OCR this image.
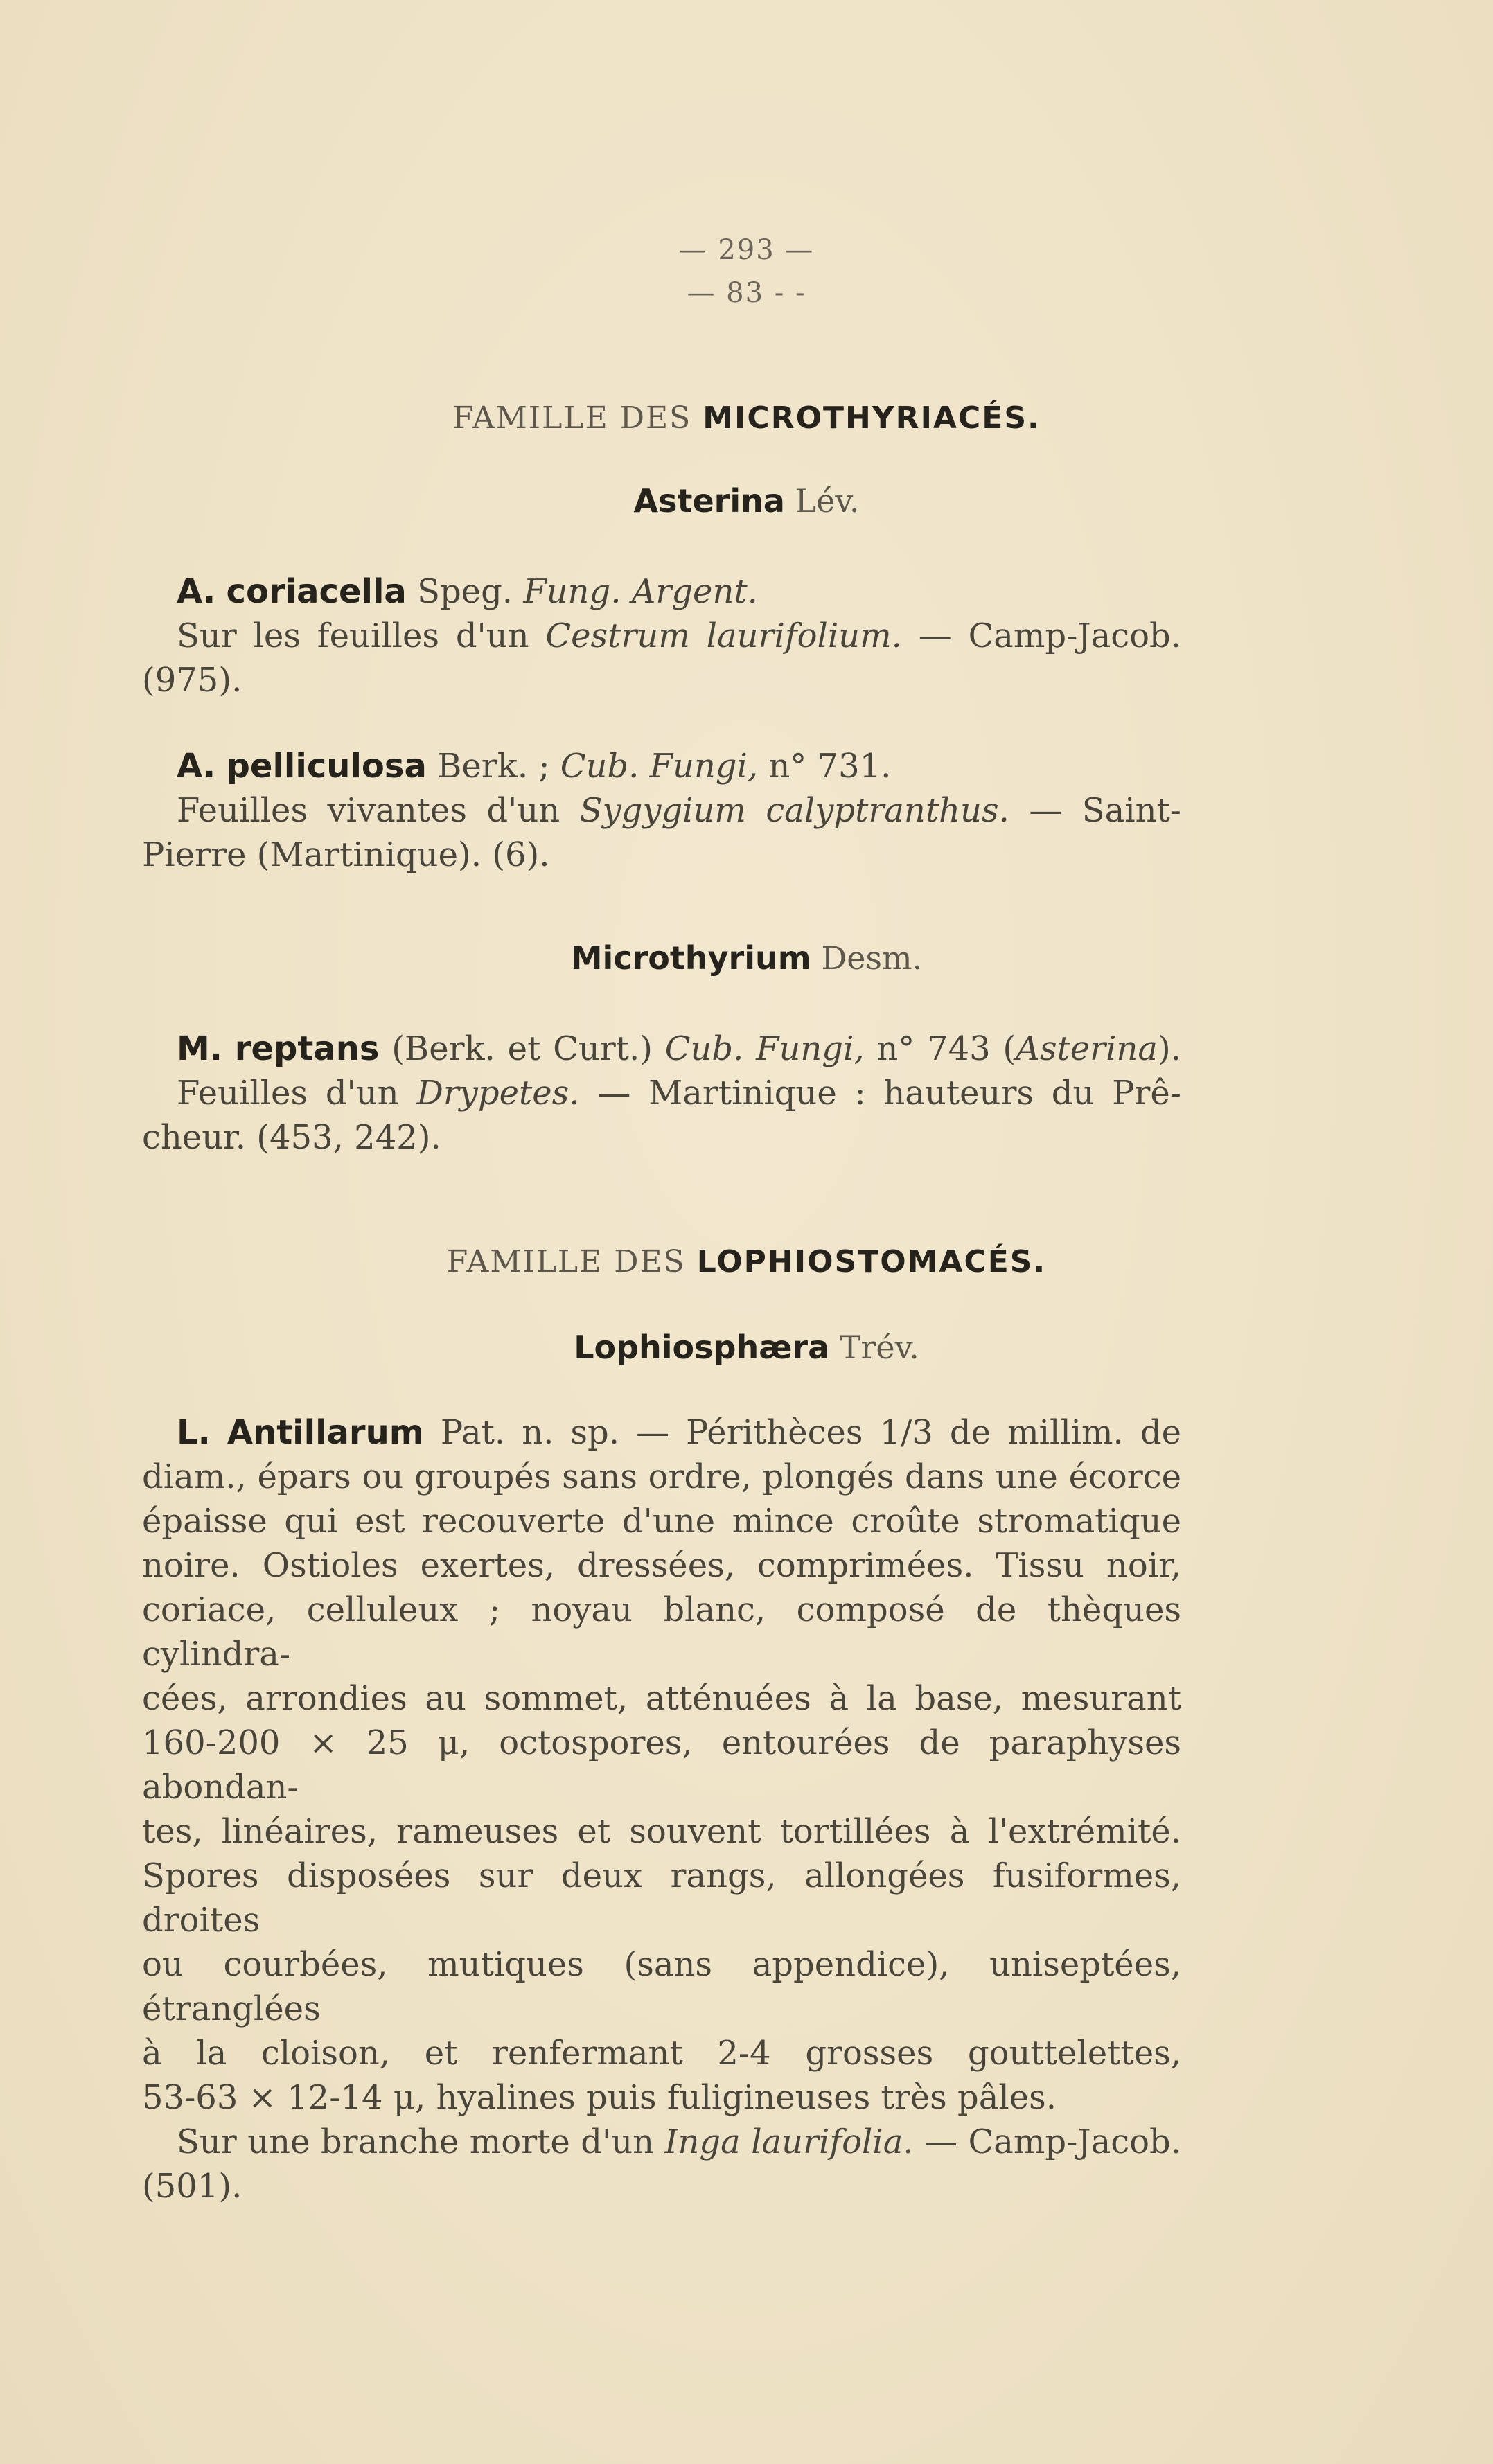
— 293 —
— 83 - -
FAMILLE DES MICROTHYRIACÉS.
Asterina Lév.
A. coriacella Speg. Fung. Argent.
Sur les feuilles d'un Cestrum laurifolium. — Camp-Jacob.
(975).
A. pelliculosa Berk. ; Cub. Fungi, n° 731.
Feuilles vivantes d'un Sygygium calyptranthus. — Saint-
Pierre (Martinique). (6).
Microthyrium Desm.
M. reptans (Berk. et Curt.) Cub. Fungi, n° 743 (Asterina).
Feuilles d'un Drypetes. — Martinique : hauteurs du Prê-
cheur. (453, 242).
FAMILLE DES LOPHIOSTOMACÉS.
Lophiosphæra Trév.
L. Antillarum Pat. n. sp. — Périthèces 1/3 de millim. de
diam., épars ou groupés sans ordre, plongés dans une écorce
épaisse qui est recouverte d'une mince croûte stromatique
noire. Ostioles exertes, dressées, comprimées. Tissu noir,
coriace, celluleux ; noyau blanc, composé de thèques cylindra-
cées, arrondies au sommet, atténuées à la base, mesurant
160-200 × 25 μ, octospores, entourées de paraphyses abondan-
tes, linéaires, rameuses et souvent tortillées à l'extrémité.
Spores disposées sur deux rangs, allongées fusiformes, droites
ou courbées, mutiques (sans appendice), uniseptées, étranglées
à la cloison, et renfermant 2-4 grosses gouttelettes,
53-63 × 12-14 μ, hyalines puis fuligineuses très pâles.
Sur une branche morte d'un Inga laurifolia. — Camp-Jacob.
(501).
